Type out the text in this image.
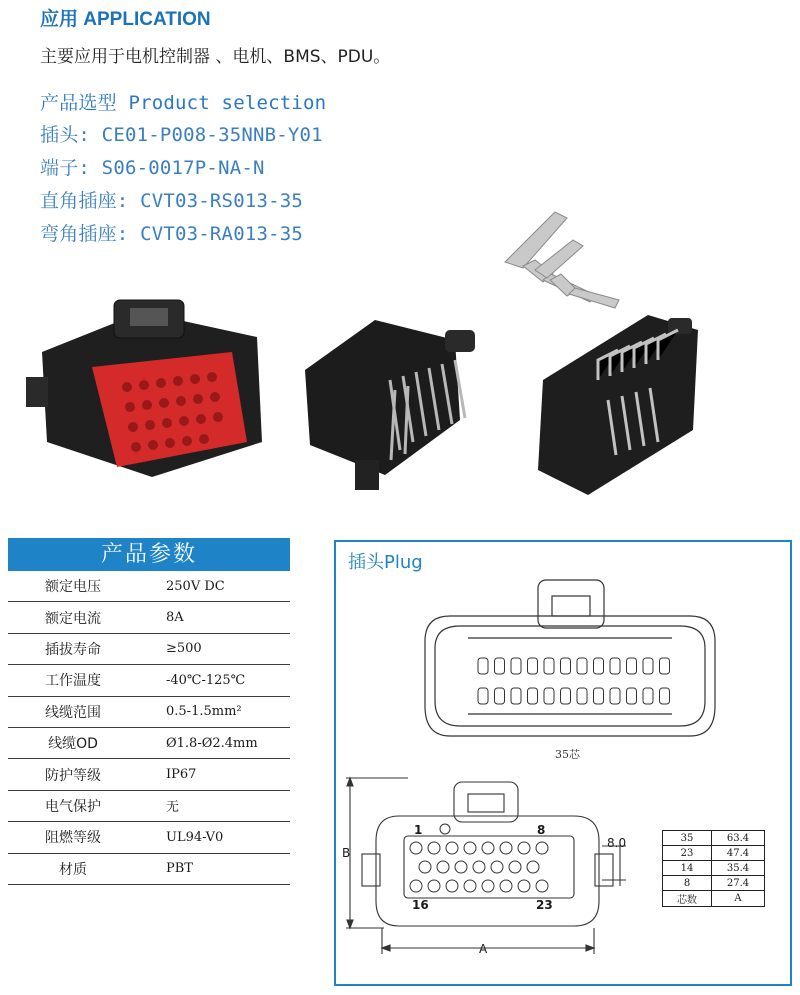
应用 APPLICATION
主要应用于电机控制器 、电机、BMS、PDU。
产品选型 Product selection
插头: CE01-P008-35NNB-Y01
端子: S06-0017P-NA-N
直角插座: CVT03-RS013-35
弯角插座: CVT03-RA013-35
产品参数
额定电压	250V DC
额定电流	8A
插拔寿命	≥500
工作温度	-40℃-125℃
线缆范围	0.5-1.5mm²
线缆OD	Ø1.8-Ø2.4mm
防护等级	IP67
电气保护	无
阻燃等级	UL94-V0
材质	PBT
插头Plug
35芯
B
A
8.0
1	8
16	23
35	63.4
23	47.4
14	35.4
8	27.4
芯数	A
